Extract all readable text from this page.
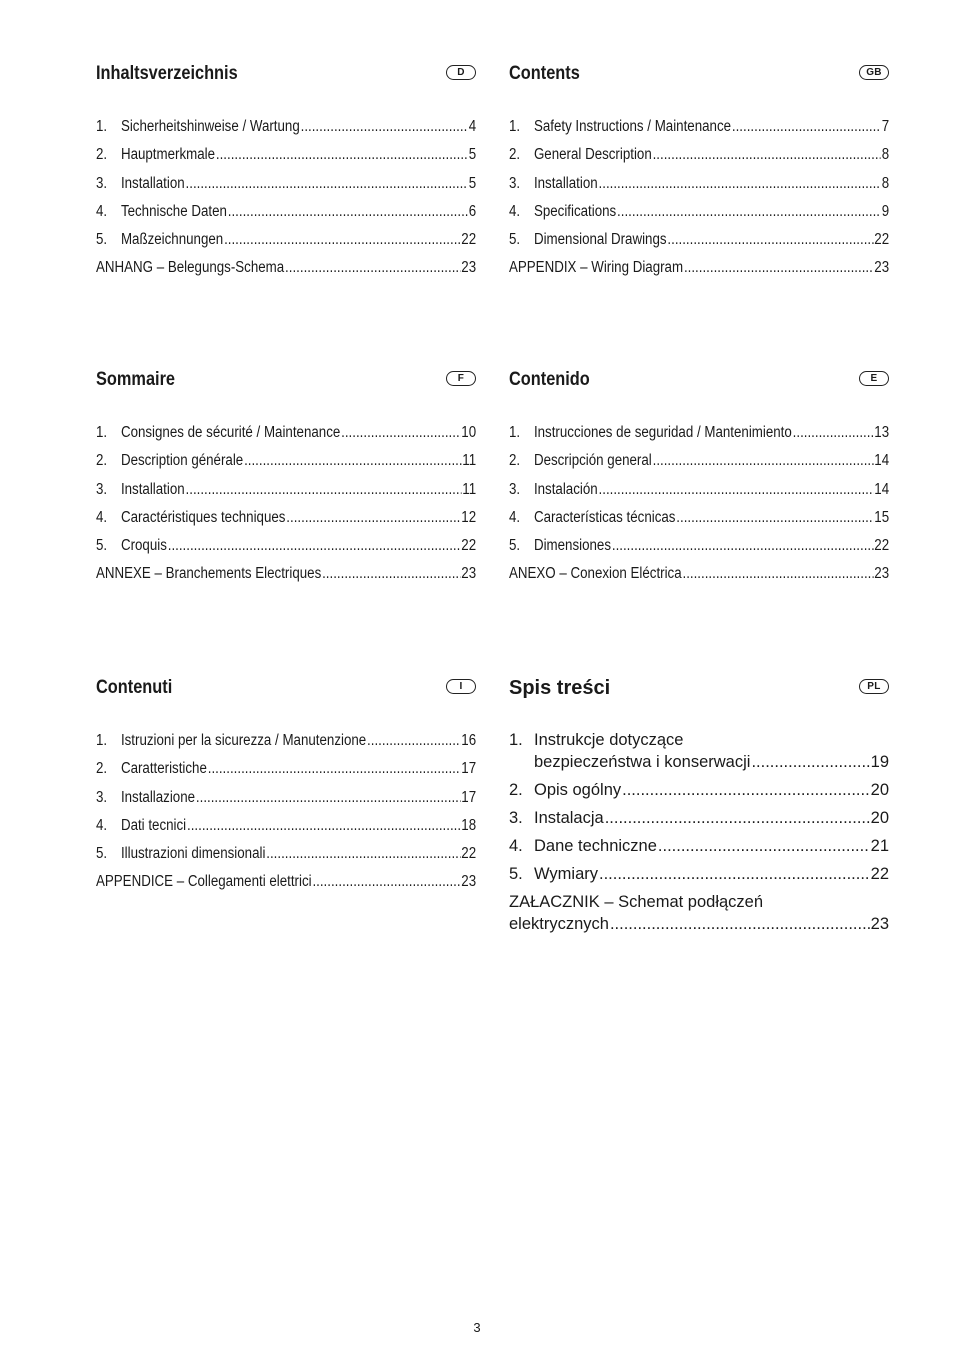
Inhaltsverzeichnis	D
1. Sicherheitshinweise / Wartung .....	4
2. Hauptmerkmale .....	5
3. Installation .....	5
4. Technische Daten .....	6
5. Maßzeichnungen .....	22
ANHANG – Belegungs-Schema .....	23
Contents	GB
1. Safety Instructions / Maintenance .....	7
2. General Description .....	8
3. Installation .....	8
4. Specifications .....	9
5. Dimensional Drawings .....	22
APPENDIX – Wiring Diagram .....	23
Sommaire	F
1. Consignes de sécurité / Maintenance .....	10
2. Description générale .....	11
3. Installation .....	11
4. Caractéristiques techniques .....	12
5. Croquis .....	22
ANNEXE – Branchements Electriques .....	23
Contenido	E
1. Instrucciones de seguridad / Mantenimiento .....	13
2. Descripción general .....	14
3. Instalación .....	14
4. Características técnicas .....	15
5. Dimensiones .....	22
ANEXO – Conexion Eléctrica .....	23
Contenuti	I
1. Istruzioni per la sicurezza / Manutenzione .....	16
2. Caratteristiche .....	17
3. Installazione .....	17
4. Dati tecnici .....	18
5. Illustrazioni dimensionali .....	22
APPENDICE – Collegamenti elettrici .....	23
Spis treści	PL
1. Instrukcje dotyczące
bezpieczeństwa i konserwacji .....	19
2. Opis ogólny .....	20
3. Instalacja .....	20
4. Dane techniczne .....	21
5. Wymiary .....	22
ZAŁACZNIK – Schemat podłączeń
elektrycznych .....	23
3
